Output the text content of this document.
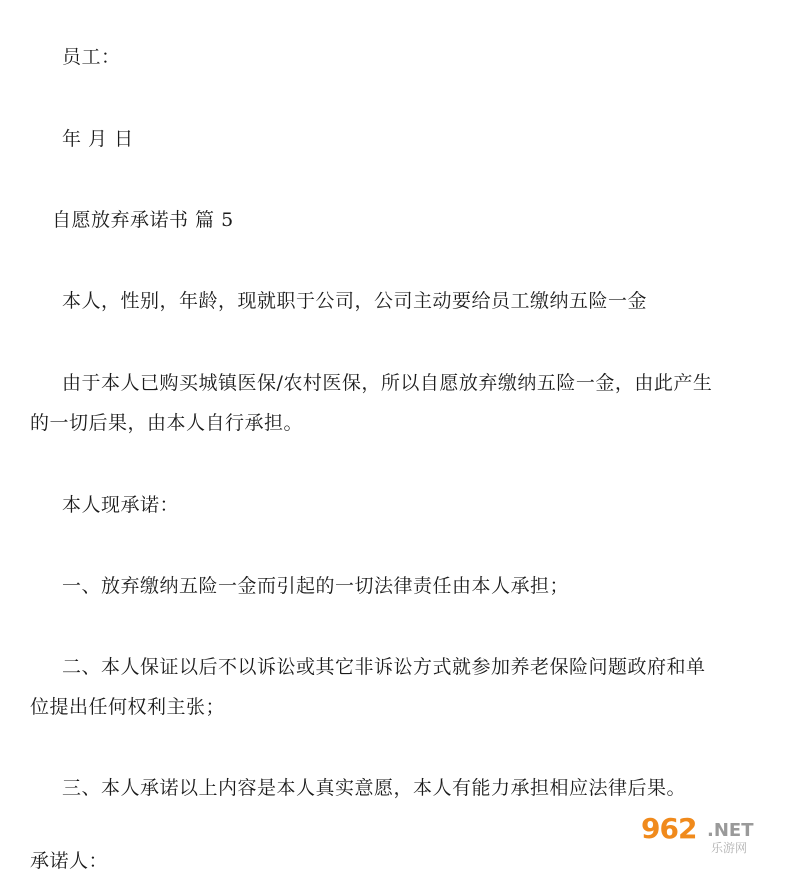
员工：
年 月 日
自愿放弃承诺书 篇 5
本人，性别，年龄，现就职于公司，公司主动要给员工缴纳五险一金
由于本人已购买城镇医保/农村医保，所以自愿放弃缴纳五险一金，由此产生
的一切后果，由本人自行承担。
本人现承诺：
一、放弃缴纳五险一金而引起的一切法律责任由本人承担；
二、本人保证以后不以诉讼或其它非诉讼方式就参加养老保险问题政府和单
位提出任何权利主张；
三、本人承诺以上内容是本人真实意愿，本人有能力承担相应法律后果。
承诺人：
962 .NET
乐游网
